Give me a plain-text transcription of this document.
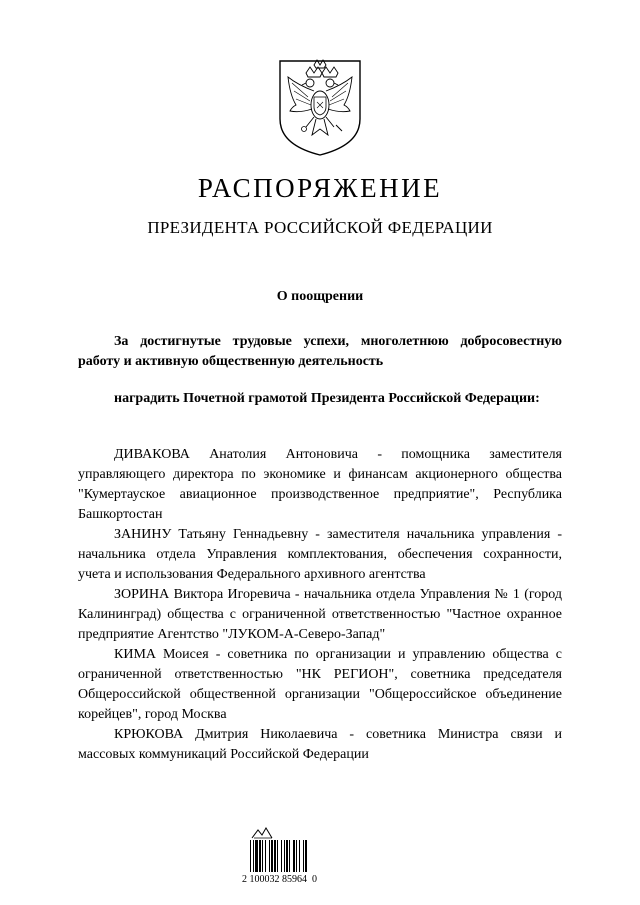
РАСПОРЯЖЕНИЕ
ПРЕЗИДЕНТА РОССИЙСКОЙ ФЕДЕРАЦИИ
О поощрении
За достигнутые трудовые успехи, многолетнюю добросовестную работу и активную общественную деятельность
наградить Почетной грамотой Президента Российской Федерации:

ДИВАКОВА Анатолия Антоновича - помощника заместителя управляющего директора по экономике и финансам акционерного общества "Кумертауское авиационное производственное предприятие", Республика Башкортостан

ЗАНИНУ Татьяну Геннадьевну - заместителя начальника управления - начальника отдела Управления комплектования, обеспечения сохранности, учета и использования Федерального архивного агентства

ЗОРИНА Виктора Игоревича - начальника отдела Управления № 1 (город Калининград) общества с ограниченной ответственностью "Частное охранное предприятие Агентство "ЛУКОМ-А-Северо-Запад"

КИМА Моисея - советника по организации и управлению общества с ограниченной ответственностью "НК РЕГИОН", советника председателя Общероссийской общественной организации "Общероссийское объединение корейцев", город Москва

КРЮКОВА Дмитрия Николаевича - советника Министра связи и массовых коммуникаций Российской Федерации

2 100032 85964  0
